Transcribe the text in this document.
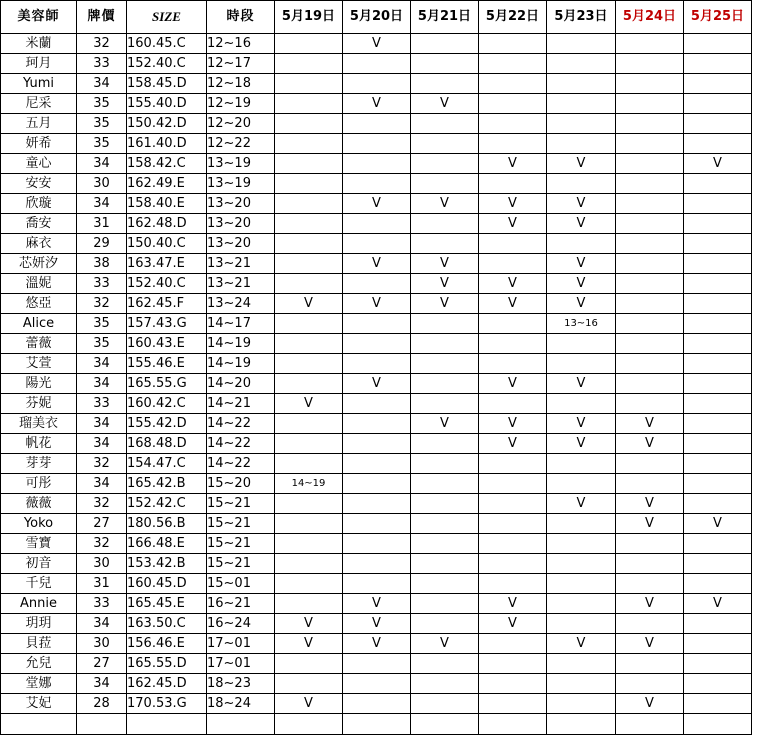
美容師	牌價	SIZE	時段	5月19日	5月20日	5月21日	5月22日	5月23日	5月24日	5月25日
米蘭	32	160.45.C	12~16		V					
珂月	33	152.40.C	12~17							
Yumi	34	158.45.D	12~18							
尼采	35	155.40.D	12~19		V	V				
五月	35	150.42.D	12~20							
妍希	35	161.40.D	12~22							
童心	34	158.42.C	13~19				V	V		V
安安	30	162.49.E	13~19							
欣璇	34	158.40.E	13~20		V	V	V	V		
喬安	31	162.48.D	13~20				V	V		
麻衣	29	150.40.C	13~20							
芯妍汐	38	163.47.E	13~21		V	V		V		
溫妮	33	152.40.C	13~21			V	V	V		
悠亞	32	162.45.F	13~24	V	V	V	V	V		
Alice	35	157.43.G	14~17					13~16		
蕾薇	35	160.43.E	14~19							
艾萱	34	155.46.E	14~19							
陽光	34	165.55.G	14~20		V		V	V		
芬妮	33	160.42.C	14~21	V						
瑠美衣	34	155.42.D	14~22			V	V	V	V	
帆花	34	168.48.D	14~22				V	V	V	
芽芽	32	154.47.C	14~22							
可彤	34	165.42.B	15~20	14~19						
薇薇	32	152.42.C	15~21					V	V	
Yoko	27	180.56.B	15~21						V	V
雪寶	32	166.48.E	15~21							
初音	30	153.42.B	15~21							
千兒	31	160.45.D	15~01							
Annie	33	165.45.E	16~21		V		V		V	V
玥玥	34	163.50.C	16~24	V	V		V			
貝菈	30	156.46.E	17~01	V	V	V		V	V	
允兒	27	165.55.D	17~01							
堂娜	34	162.45.D	18~23							
艾妃	28	170.53.G	18~24	V					V	
